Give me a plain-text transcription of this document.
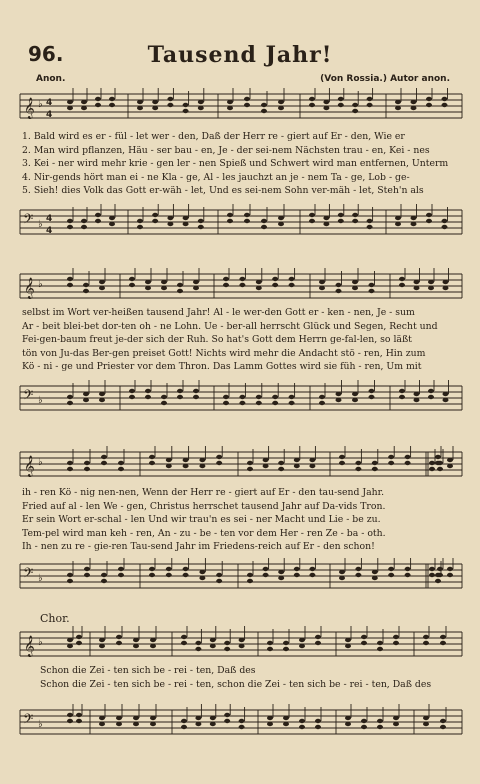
96.	Tausend Jahr!
Anon.	(Von Rossia.) Autor anon.
𝄞 ♭ 4
4
1. Bald wird es er - fül - let wer - den, Daß der Herr re - giert auf Er - den, Wie er
2. Man wird pflanzen, Häu - ser bau - en, Je - der sei-nem Nächsten trau - en, Kei - nes
3. Kei - ner wird mehr krie - gen ler - nen Spieß und Schwert wird man entfernen, Unterm
4. Nir-gends hört man ei - ne Kla - ge, Al - les jauchzt an je - nem Ta - ge, Lob - ge-
5. Sieh! dies Volk das Gott er-wäh - let, Und es sei-nem Sohn ver-mäh - let, Steh'n als
𝄢 ♭ 4
4
𝄞 ♭
selbst im Wort ver-heißen tausend Jahr! Al - le wer-den Gott er - ken - nen, Je - sum
Ar - beit blei-bet dor-ten oh - ne Lohn. Ue - ber-all herrscht Glück und Segen, Recht und
Fei-gen-baum freut je-der sich der Ruh. So hat's Gott dem Herrn ge-fal-len, so läßt
tön von Ju-das Ber-gen preiset Gott! Nichts wird mehr die Andacht stö - ren, Hin zum
Kö - ni - ge und Priester vor dem Thron. Das Lamm Gottes wird sie füh - ren, Um mit
𝄢 ♭
𝄞 ♭
ih - ren Kö - nig nen-nen, Wenn der Herr re - giert auf Er - den tau-send Jahr.
Fried auf al - len We - gen, Christus herrschet tausend Jahr auf Da-vids Tron.
Er sein Wort er-schal - len Und wir trau'n es sei - ner Macht und Lie - be zu.
Tem-pel wird man keh - ren, An - zu - be - ten vor dem Her - ren Ze - ba - oth.
Ih - nen zu re - gie-ren Tau-send Jahr im Friedens-reich auf Er - den schon!
𝄢 ♭
Chor.
𝄞 ♭
Schon die Zei - ten sich be - rei - ten, Daß des
Schon die Zei - ten sich be - rei - ten, schon die Zei - ten sich be - rei - ten, Daß des
𝄢 ♭
